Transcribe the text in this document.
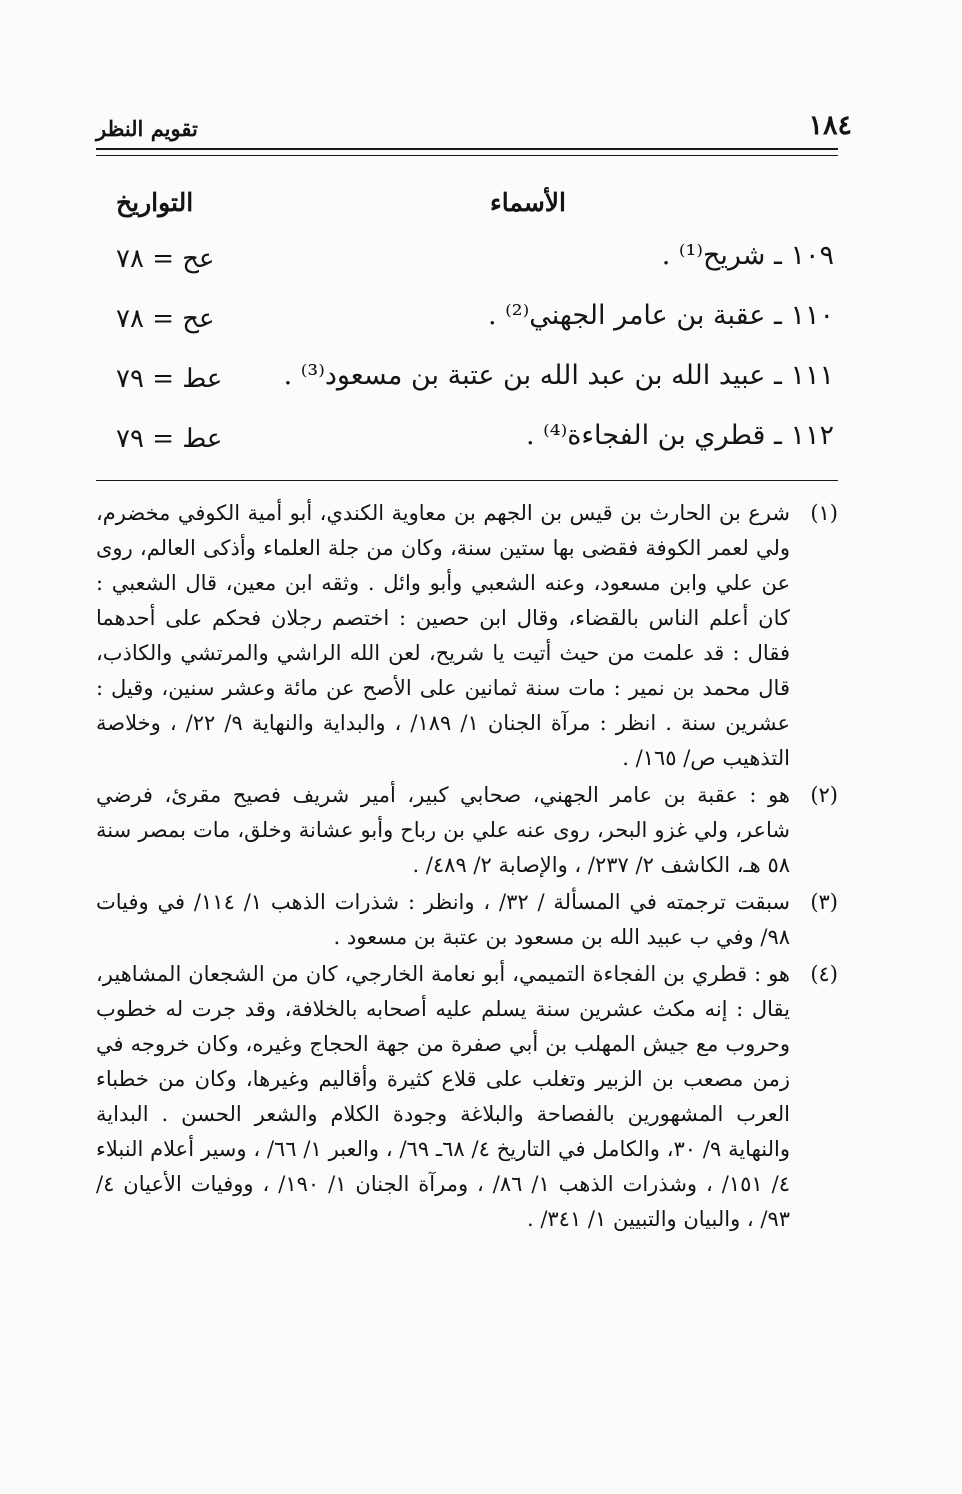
تقويم النظر	١٨٤
الأسماء
التواريخ
١٠٩ ـ شريح⁽¹⁾ .
عح = ٧٨
١١٠ ـ عقبة بن عامر الجهني⁽²⁾ .
عح = ٧٨
١١١ ـ عبيد الله بن عبد الله بن عتبة بن مسعود⁽³⁾ .
عط = ٧٩
١١٢ ـ قطري بن الفجاءة⁽⁴⁾ .
عط = ٧٩
(١)
شرع بن الحارث بن قيس بن الجهم بن معاوية الكندي، أبو أمية الكوفي مخضرم، ولي لعمر الكوفة فقضى بها ستين سنة، وكان من جلة العلماء وأذكى العالم، روى عن علي وابن مسعود، وعنه الشعبي وأبو وائل . وثقه ابن معين، قال الشعبي : كان أعلم الناس بالقضاء، وقال ابن حصين : اختصم رجلان فحكم على أحدهما فقال : قد علمت من حيث أتيت يا شريح، لعن الله الراشي والمرتشي والكاذب، قال محمد بن نمير : مات سنة ثمانين على الأصح عن مائة وعشر سنين، وقيل : عشرين سنة . انظر : مرآة الجنان ١/ ١٨٩/ ، والبداية والنهاية ٩/ ٢٢/ ، وخلاصة التذهيب ص/ ١٦٥/ .
(٢)
هو : عقبة بن عامر الجهني، صحابي كبير، أمير شريف فصيح مقرئ، فرضي شاعر، ولي غزو البحر، روى عنه علي بن رباح وأبو عشانة وخلق، مات بمصر سنة ٥٨ هـ، الكاشف ٢/ ٢٣٧/ ، والإصابة ٢/ ٤٨٩/ .
(٣)
سبقت ترجمته في المسألة / ٣٢/ ، وانظر : شذرات الذهب ١/ ١١٤/ في وفيات ٩٨/ وفي ب عبيد الله بن مسعود بن عتبة بن مسعود .
(٤)
هو : قطري بن الفجاءة التميمي، أبو نعامة الخارجي، كان من الشجعان المشاهير، يقال : إنه مكث عشرين سنة يسلم عليه أصحابه بالخلافة، وقد جرت له خطوب وحروب مع جيش المهلب بن أبي صفرة من جهة الحجاج وغيره، وكان خروجه في زمن مصعب بن الزبير وتغلب على قلاع كثيرة وأقاليم وغيرها، وكان من خطباء العرب المشهورين بالفصاحة والبلاغة وجودة الكلام والشعر الحسن . البداية والنهاية ٩/ ٣٠، والكامل في التاريخ ٤/ ٦٨ـ ٦٩/ ، والعبر ١/ ٦٦/ ، وسير أعلام النبلاء ٤/ ١٥١/ ، وشذرات الذهب ١/ ٨٦/ ، ومرآة الجنان ١/ ١٩٠/ ، ووفيات الأعيان ٤/ ٩٣/ ، والبيان والتبيين ١/ ٣٤١/ .
